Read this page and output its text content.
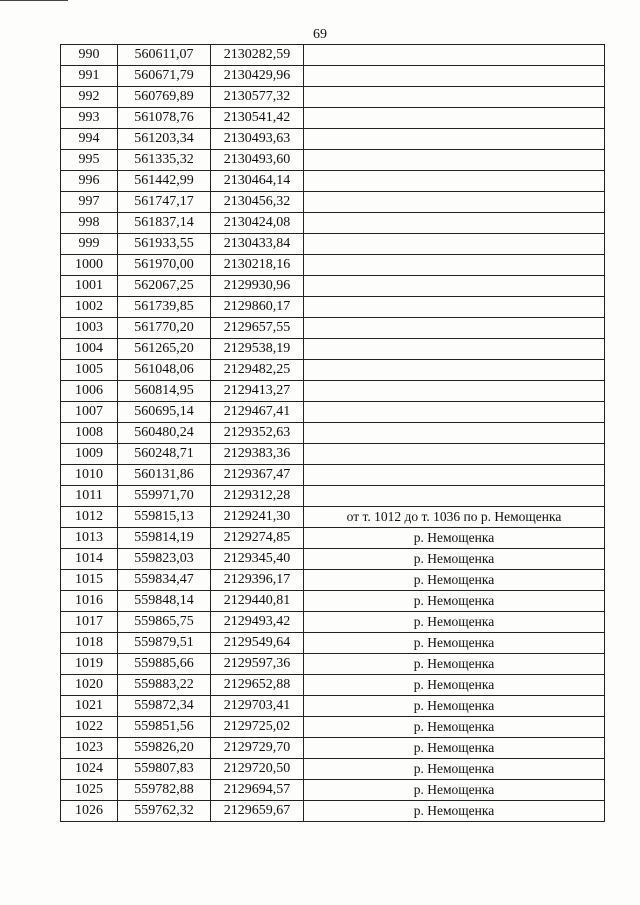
69
990	560611,07	2130282,59	
991	560671,79	2130429,96	
992	560769,89	2130577,32	
993	561078,76	2130541,42	
994	561203,34	2130493,63	
995	561335,32	2130493,60	
996	561442,99	2130464,14	
997	561747,17	2130456,32	
998	561837,14	2130424,08	
999	561933,55	2130433,84	
1000	561970,00	2130218,16	
1001	562067,25	2129930,96	
1002	561739,85	2129860,17	
1003	561770,20	2129657,55	
1004	561265,20	2129538,19	
1005	561048,06	2129482,25	
1006	560814,95	2129413,27	
1007	560695,14	2129467,41	
1008	560480,24	2129352,63	
1009	560248,71	2129383,36	
1010	560131,86	2129367,47	
1011	559971,70	2129312,28	
1012	559815,13	2129241,30	от т. 1012 до т. 1036 по р. Немощенка
1013	559814,19	2129274,85	р. Немощенка
1014	559823,03	2129345,40	р. Немощенка
1015	559834,47	2129396,17	р. Немощенка
1016	559848,14	2129440,81	р. Немощенка
1017	559865,75	2129493,42	р. Немощенка
1018	559879,51	2129549,64	р. Немощенка
1019	559885,66	2129597,36	р. Немощенка
1020	559883,22	2129652,88	р. Немощенка
1021	559872,34	2129703,41	р. Немощенка
1022	559851,56	2129725,02	р. Немощенка
1023	559826,20	2129729,70	р. Немощенка
1024	559807,83	2129720,50	р. Немощенка
1025	559782,88	2129694,57	р. Немощенка
1026	559762,32	2129659,67	р. Немощенка
